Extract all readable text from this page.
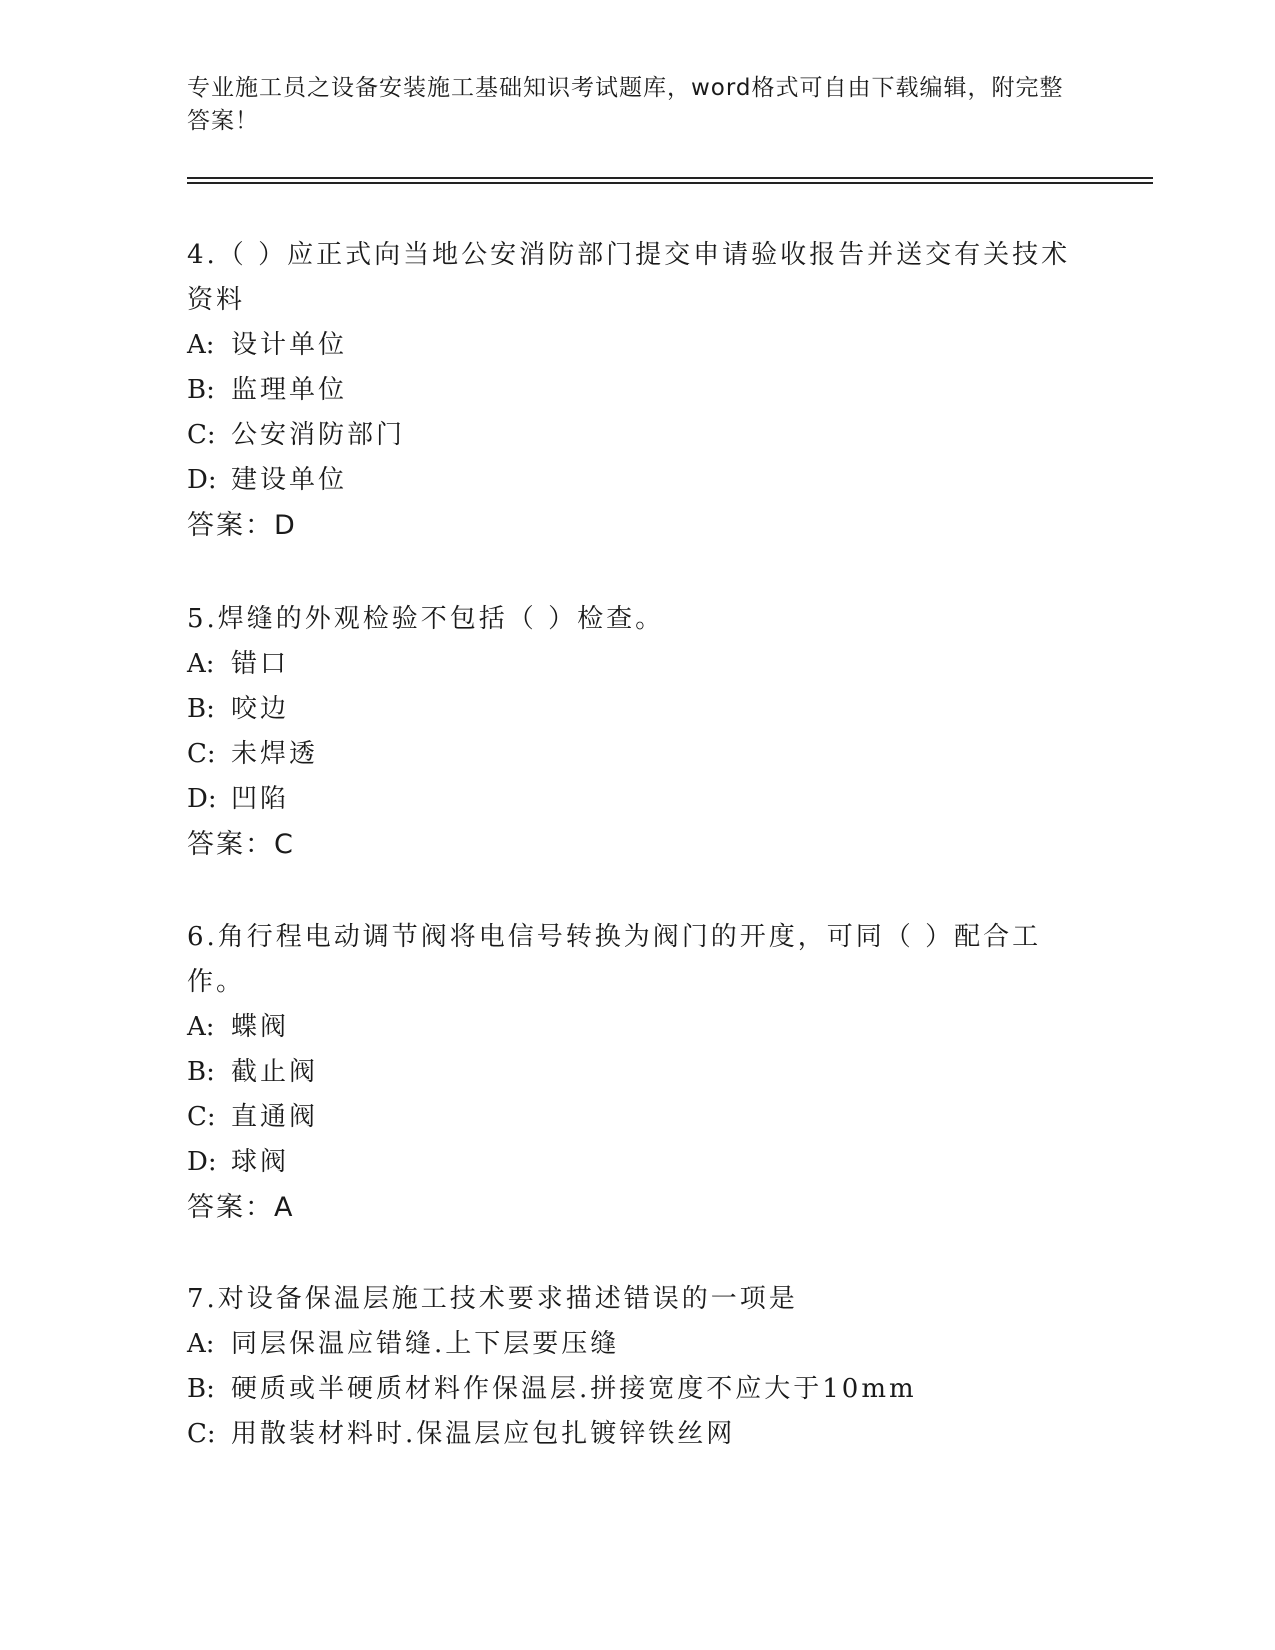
专业施工员之设备安装施工基础知识考试题库，word格式可自由下载编辑，附完整答案！

4.（ ）应正式向当地公安消防部门提交申请验收报告并送交有关技术资料

A: 设计单位

B: 监理单位

C: 公安消防部门

D: 建设单位

答案：D

5.焊缝的外观检验不包括（ ）检查。

A: 错口

B: 咬边

C: 未焊透

D: 凹陷

答案：C

6.角行程电动调节阀将电信号转换为阀门的开度，可同（ ）配合工作。

A: 蝶阀

B: 截止阀

C: 直通阀

D: 球阀

答案：A

7.对设备保温层施工技术要求描述错误的一项是

A: 同层保温应错缝.上下层要压缝

B: 硬质或半硬质材料作保温层.拼接宽度不应大于10mm

C: 用散装材料时.保温层应包扎镀锌铁丝网
